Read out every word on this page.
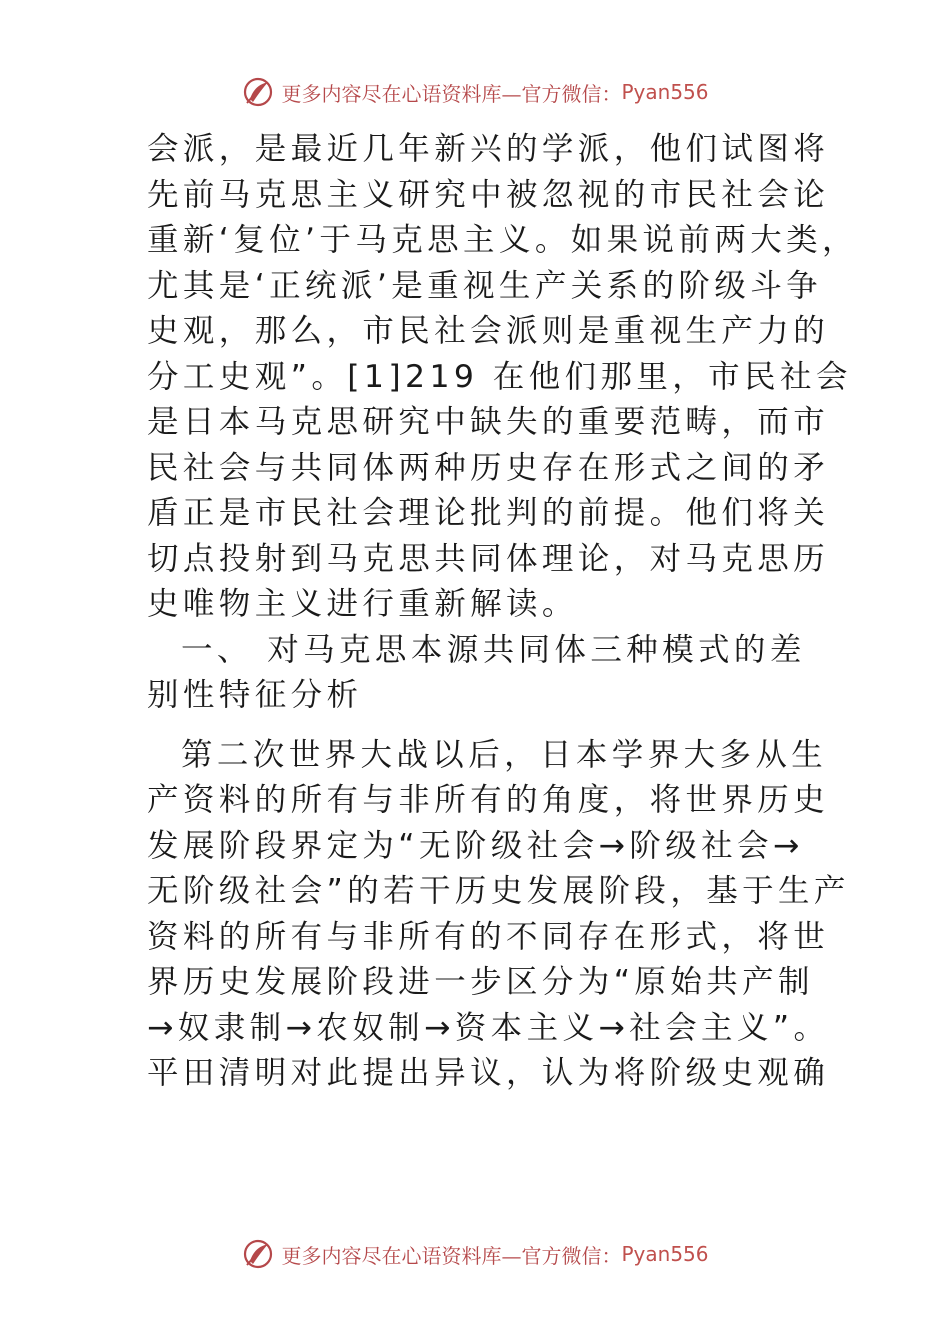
更多内容尽在心语资料库—官方微信： Pyan556
会派，是最近几年新兴的学派，他们试图将
先前马克思主义研究中被忽视的市民社会论
重新‘复位’于马克思主义。如果说前两大类，
尤其是‘正统派’是重视生产关系的阶级斗争
史观，那么，市民社会派则是重视生产力的
分工史观”。[1]219 在他们那里，市民社会
是日本马克思研究中缺失的重要范畴，而市
民社会与共同体两种历史存在形式之间的矛
盾正是市民社会理论批判的前提。他们将关
切点投射到马克思共同体理论，对马克思历
史唯物主义进行重新解读。
一、 对马克思本源共同体三种模式的差
别性特征分析
第二次世界大战以后，日本学界大多从生
产资料的所有与非所有的角度，将世界历史
发展阶段界定为“无阶级社会→阶级社会→
无阶级社会”的若干历史发展阶段，基于生产
资料的所有与非所有的不同存在形式，将世
界历史发展阶段进一步区分为“原始共产制
→奴隶制→农奴制→资本主义→社会主义”。
平田清明对此提出异议，认为将阶级史观确
更多内容尽在心语资料库—官方微信： Pyan556
